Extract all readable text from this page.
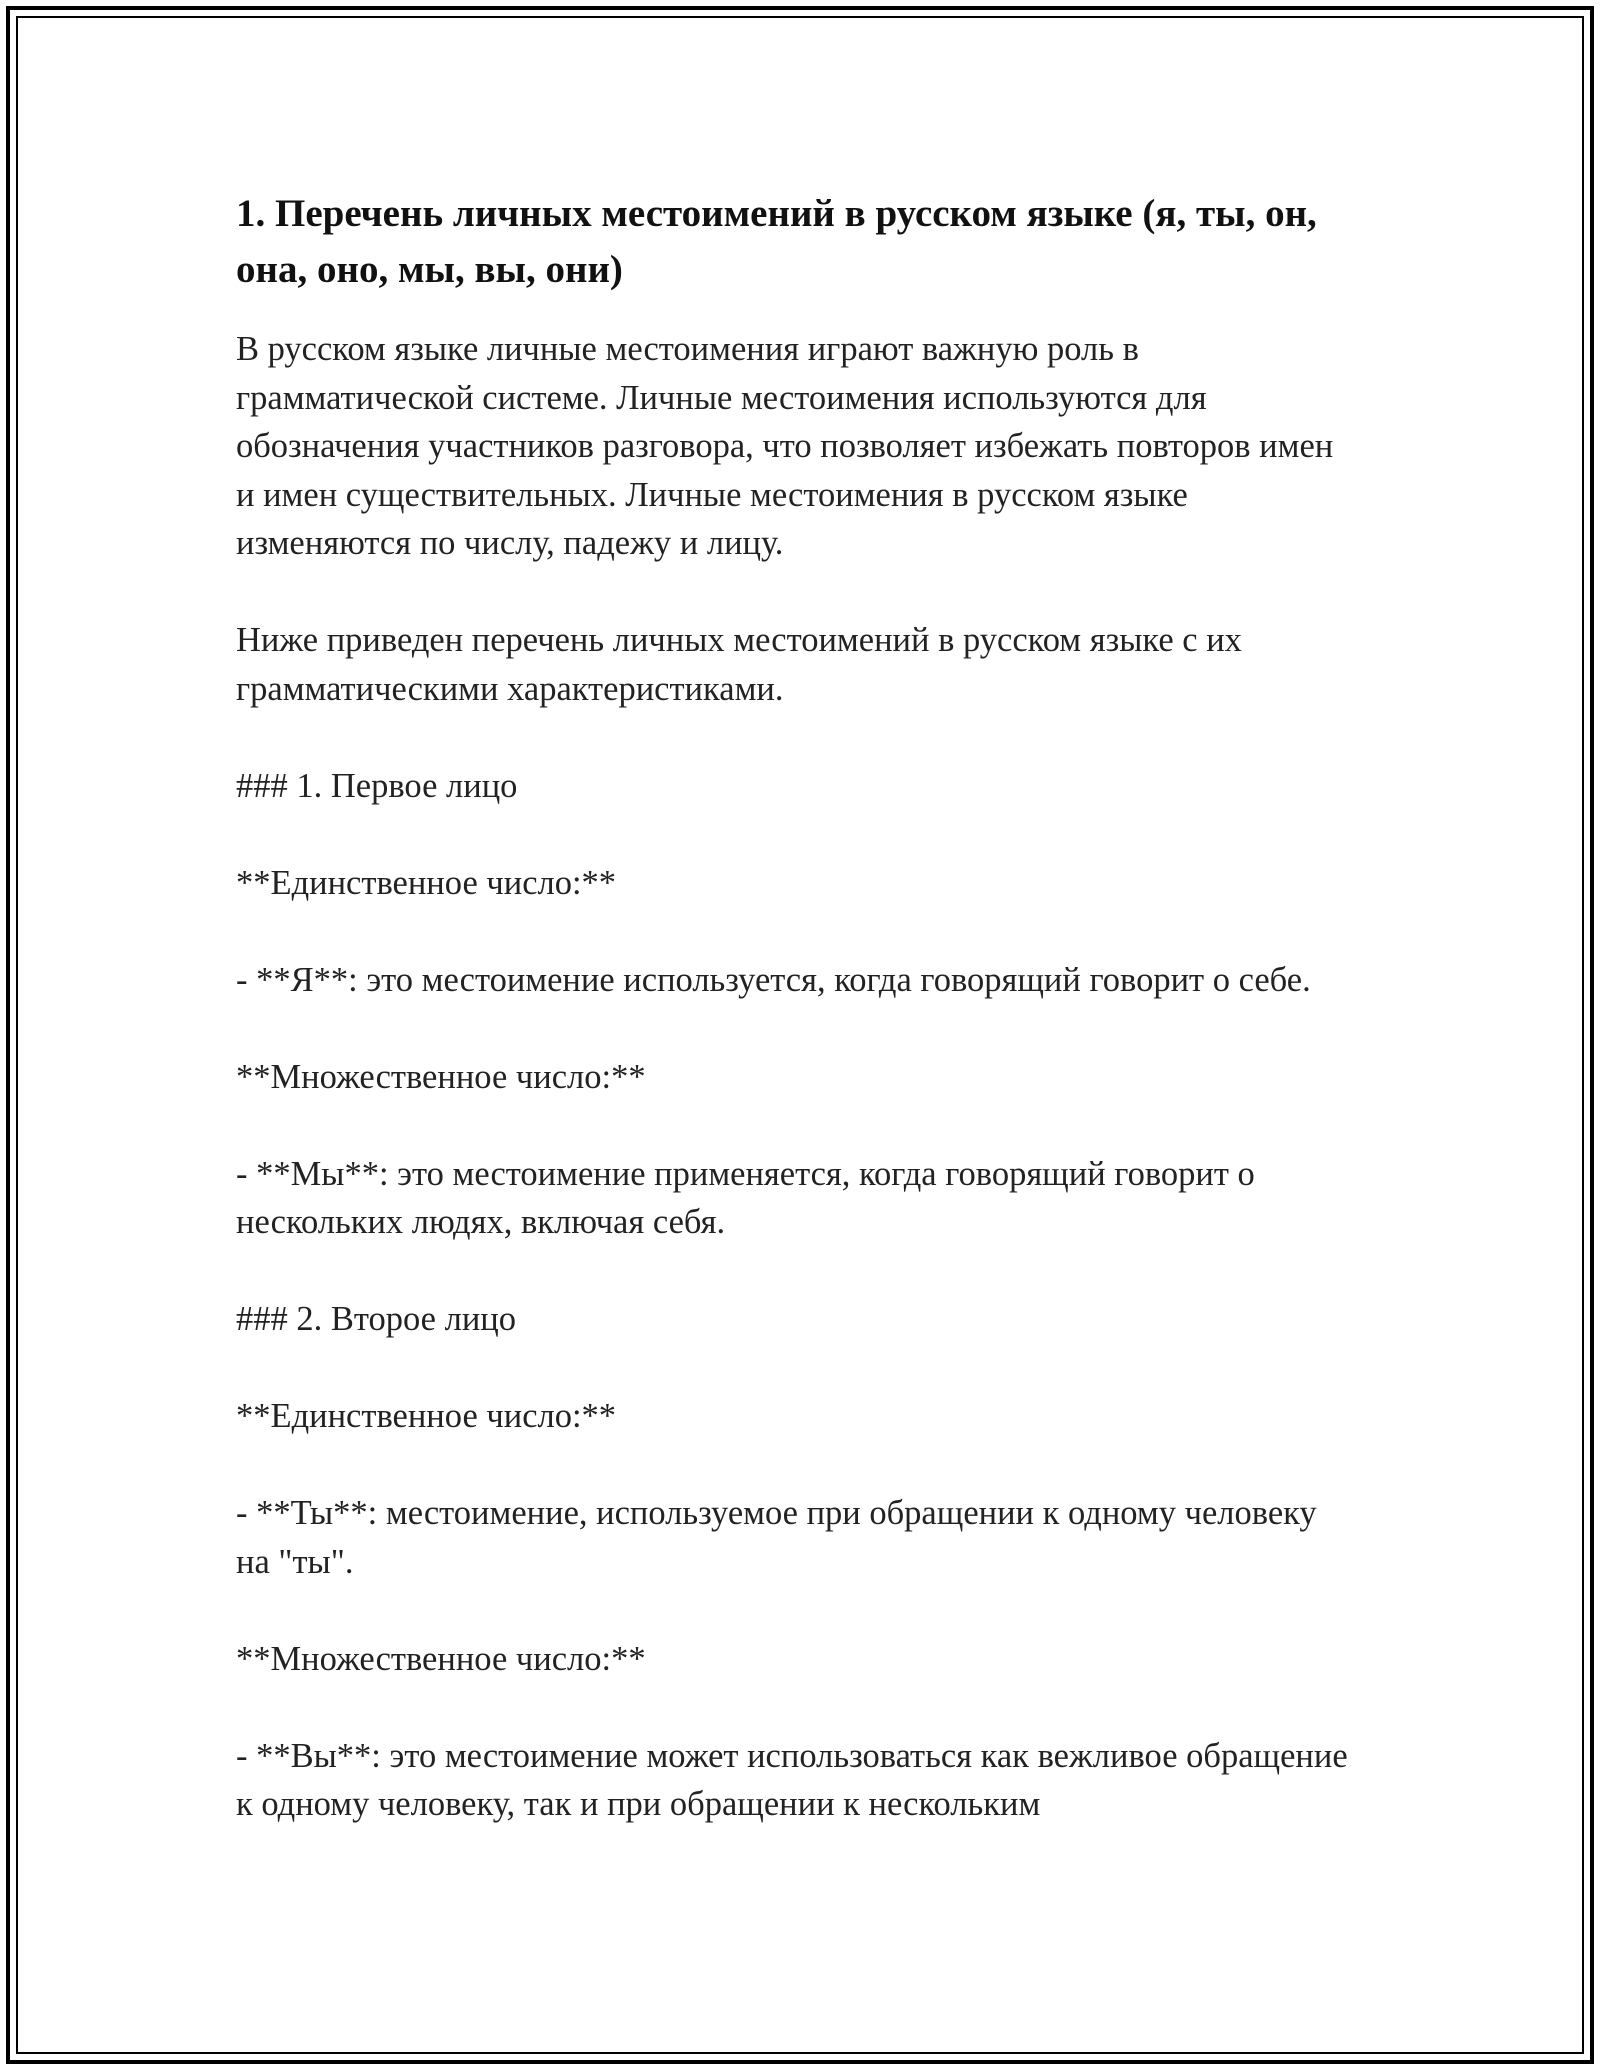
1. Перечень личных местоимений в русском языке (я, ты, он, она, оно, мы, вы, они)

В русском языке личные местоимения играют важную роль в грамматической системе. Личные местоимения используются для обозначения участников разговора, что позволяет избежать повторов имен и имен существительных. Личные местоимения в русском языке изменяются по числу, падежу и лицу.

Ниже приведен перечень личных местоимений в русском языке с их грамматическими характеристиками.

### 1. Первое лицо

**Единственное число:**

- **Я**: это местоимение используется, когда говорящий говорит о себе.

**Множественное число:**

- **Мы**: это местоимение применяется, когда говорящий говорит о нескольких людях, включая себя.

### 2. Второе лицо

**Единственное число:**

- **Ты**: местоимение, используемое при обращении к одному человеку на "ты".

**Множественное число:**

- **Вы**: это местоимение может использоваться как вежливое обращение к одному человеку, так и при обращении к нескольким
